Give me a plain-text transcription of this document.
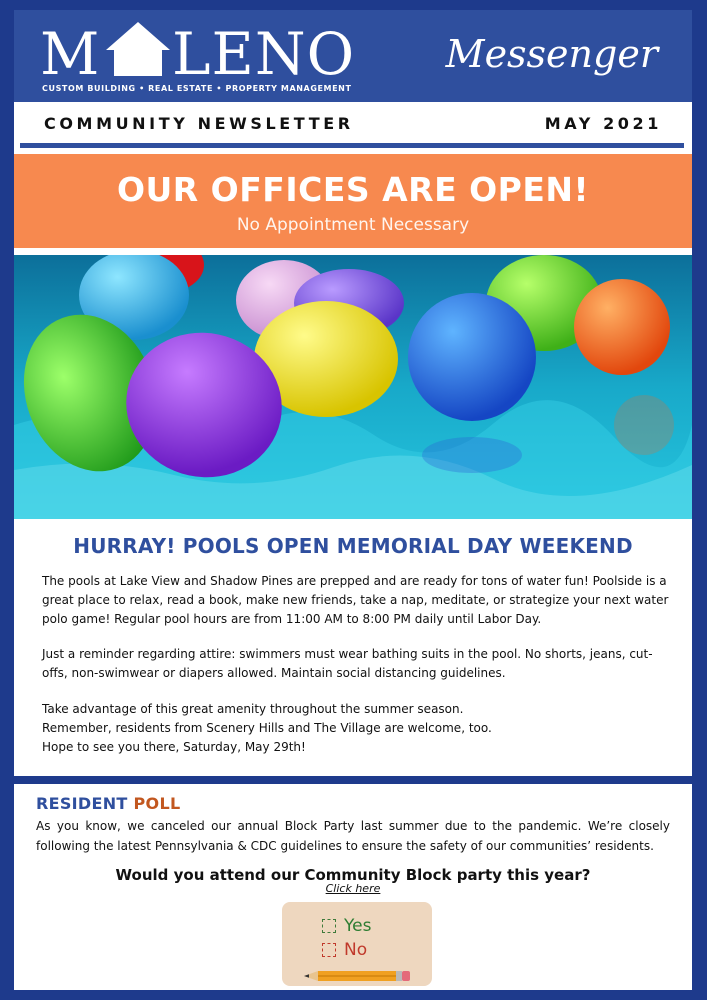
M LENO
CUSTOM BUILDING • REAL ESTATE • PROPERTY MANAGEMENT
Messenger
COMMUNITY NEWSLETTER	MAY 2021
OUR OFFICES ARE OPEN!
No Appointment Necessary
HURRAY! POOLS OPEN MEMORIAL DAY WEEKEND
The pools at Lake View and Shadow Pines are prepped and are ready for tons of water fun! Poolside is a great place to relax, read a book, make new friends, take a nap, meditate, or strategize your next water polo game! Regular pool hours are from 11:00 AM to 8:00 PM daily until Labor Day.
Just a reminder regarding attire: swimmers must wear bathing suits in the pool. No shorts, jeans, cut-offs, non-swimwear or diapers allowed. Maintain social distancing guidelines.
Take advantage of this great amenity throughout the summer season.
Remember, residents from Scenery Hills and The Village are welcome, too.
Hope to see you there, Saturday, May 29th!
RESIDENT POLL
As you know, we canceled our annual Block Party last summer due to the pandemic. We’re closely following the latest Pennsylvania & CDC guidelines to ensure the safety of our communities’ residents.
Would you attend our Community Block party this year?
Click here
Yes
No
